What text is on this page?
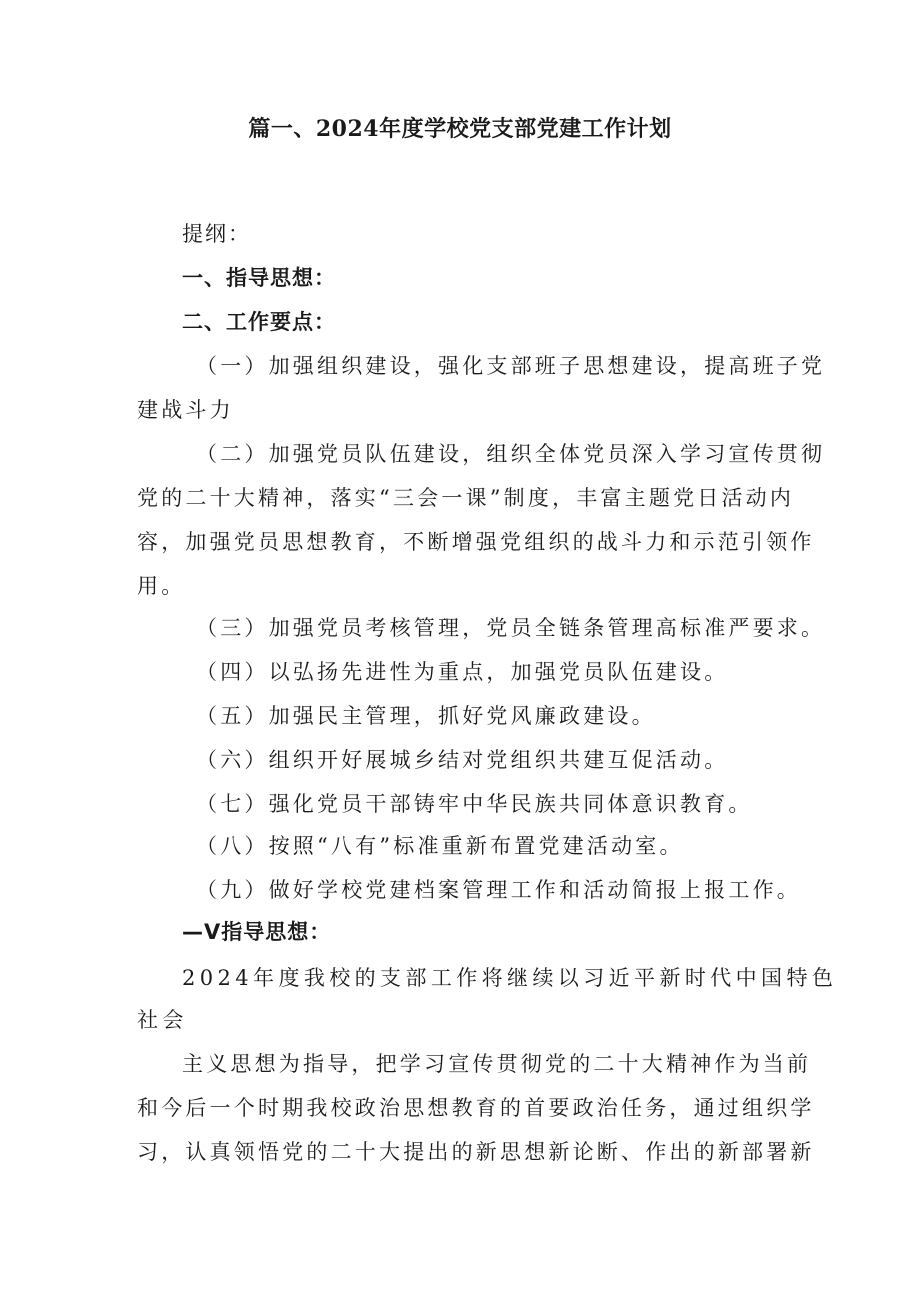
篇一、2024年度学校党支部党建工作计划
提纲：
一、指导思想：
二、工作要点：
（一）加强组织建设，强化支部班子思想建设，提高班子党
建战斗力
（二）加强党员队伍建设，组织全体党员深入学习宣传贯彻
党的二十大精神，落实“三会一课”制度，丰富主题党日活动内
容，加强党员思想教育，不断增强党组织的战斗力和示范引领作
用。
（三）加强党员考核管理，党员全链条管理高标准严要求。
（四）以弘扬先进性为重点，加强党员队伍建设。
（五）加强民主管理，抓好党风廉政建设。
（六）组织开好展城乡结对党组织共建互促活动。
（七）强化党员干部铸牢中华民族共同体意识教育。
（八）按照“八有”标准重新布置党建活动室。
（九）做好学校党建档案管理工作和活动简报上报工作。
—V指导思想：
2024年度我校的支部工作将继续以习近平新时代中国特色
社会
主义思想为指导，把学习宣传贯彻党的二十大精神作为当前
和今后一个时期我校政治思想教育的首要政治任务，通过组织学
习，认真领悟党的二十大提出的新思想新论断、作出的新部署新
